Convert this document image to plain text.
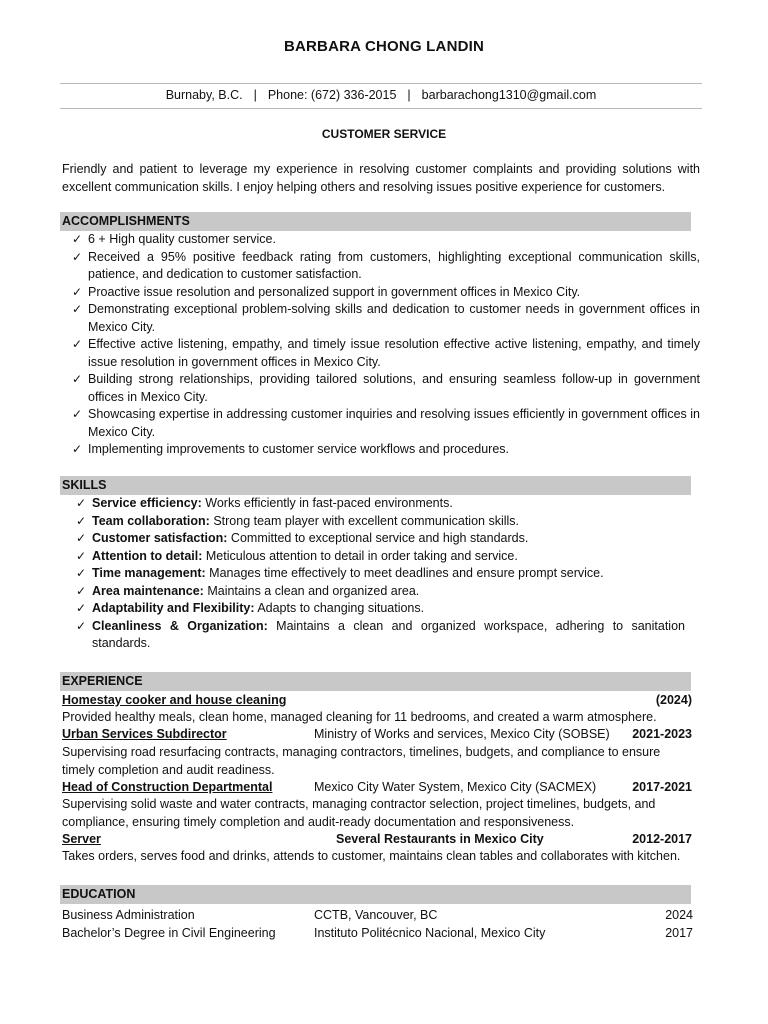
BARBARA CHONG LANDIN
Burnaby, B.C. | Phone: (672) 336-2015 | barbarachong1310@gmail.com
CUSTOMER SERVICE
Friendly and patient to leverage my experience in resolving customer complaints and providing solutions with excellent communication skills. I enjoy helping others and resolving issues positive experience for customers.
ACCOMPLISHMENTS
✓ 6 + High quality customer service.
✓ Received a 95% positive feedback rating from customers, highlighting exceptional communication skills, patience, and dedication to customer satisfaction.
✓ Proactive issue resolution and personalized support in government offices in Mexico City.
✓ Demonstrating exceptional problem-solving skills and dedication to customer needs in government offices in Mexico City.
✓ Effective active listening, empathy, and timely issue resolution effective active listening, empathy, and timely issue resolution in government offices in Mexico City.
✓ Building strong relationships, providing tailored solutions, and ensuring seamless follow-up in government offices in Mexico City.
✓ Showcasing expertise in addressing customer inquiries and resolving issues efficiently in government offices in Mexico City.
✓ Implementing improvements to customer service workflows and procedures.
SKILLS
✓ Service efficiency: Works efficiently in fast-paced environments.
✓ Team collaboration: Strong team player with excellent communication skills.
✓ Customer satisfaction: Committed to exceptional service and high standards.
✓ Attention to detail: Meticulous attention to detail in order taking and service.
✓ Time management: Manages time effectively to meet deadlines and ensure prompt service.
✓ Area maintenance: Maintains a clean and organized area.
✓ Adaptability and Flexibility: Adapts to changing situations.
✓ Cleanliness & Organization: Maintains a clean and organized workspace, adhering to sanitation standards.
EXPERIENCE
Homestay cooker and house cleaning	(2024)
Provided healthy meals, clean home, managed cleaning for 11 bedrooms, and created a warm atmosphere.
Urban Services Subdirector	Ministry of Works and services, Mexico City (SOBSE) 2021-2023
Supervising road resurfacing contracts, managing contractors, timelines, budgets, and compliance to ensure timely completion and audit readiness.
Head of Construction Departmental	Mexico City Water System, Mexico City (SACMEX)	2017-2021
Supervising solid waste and water contracts, managing contractor selection, project timelines, budgets, and compliance, ensuring timely completion and audit-ready documentation and responsiveness.
Server	Several Restaurants in Mexico City	2012-2017
Takes orders, serves food and drinks, attends to customer, maintains clean tables and collaborates with kitchen.
EDUCATION
Business Administration	CCTB, Vancouver, BC	2024
Bachelor’s Degree in Civil Engineering	Instituto Politécnico Nacional, Mexico City	2017
